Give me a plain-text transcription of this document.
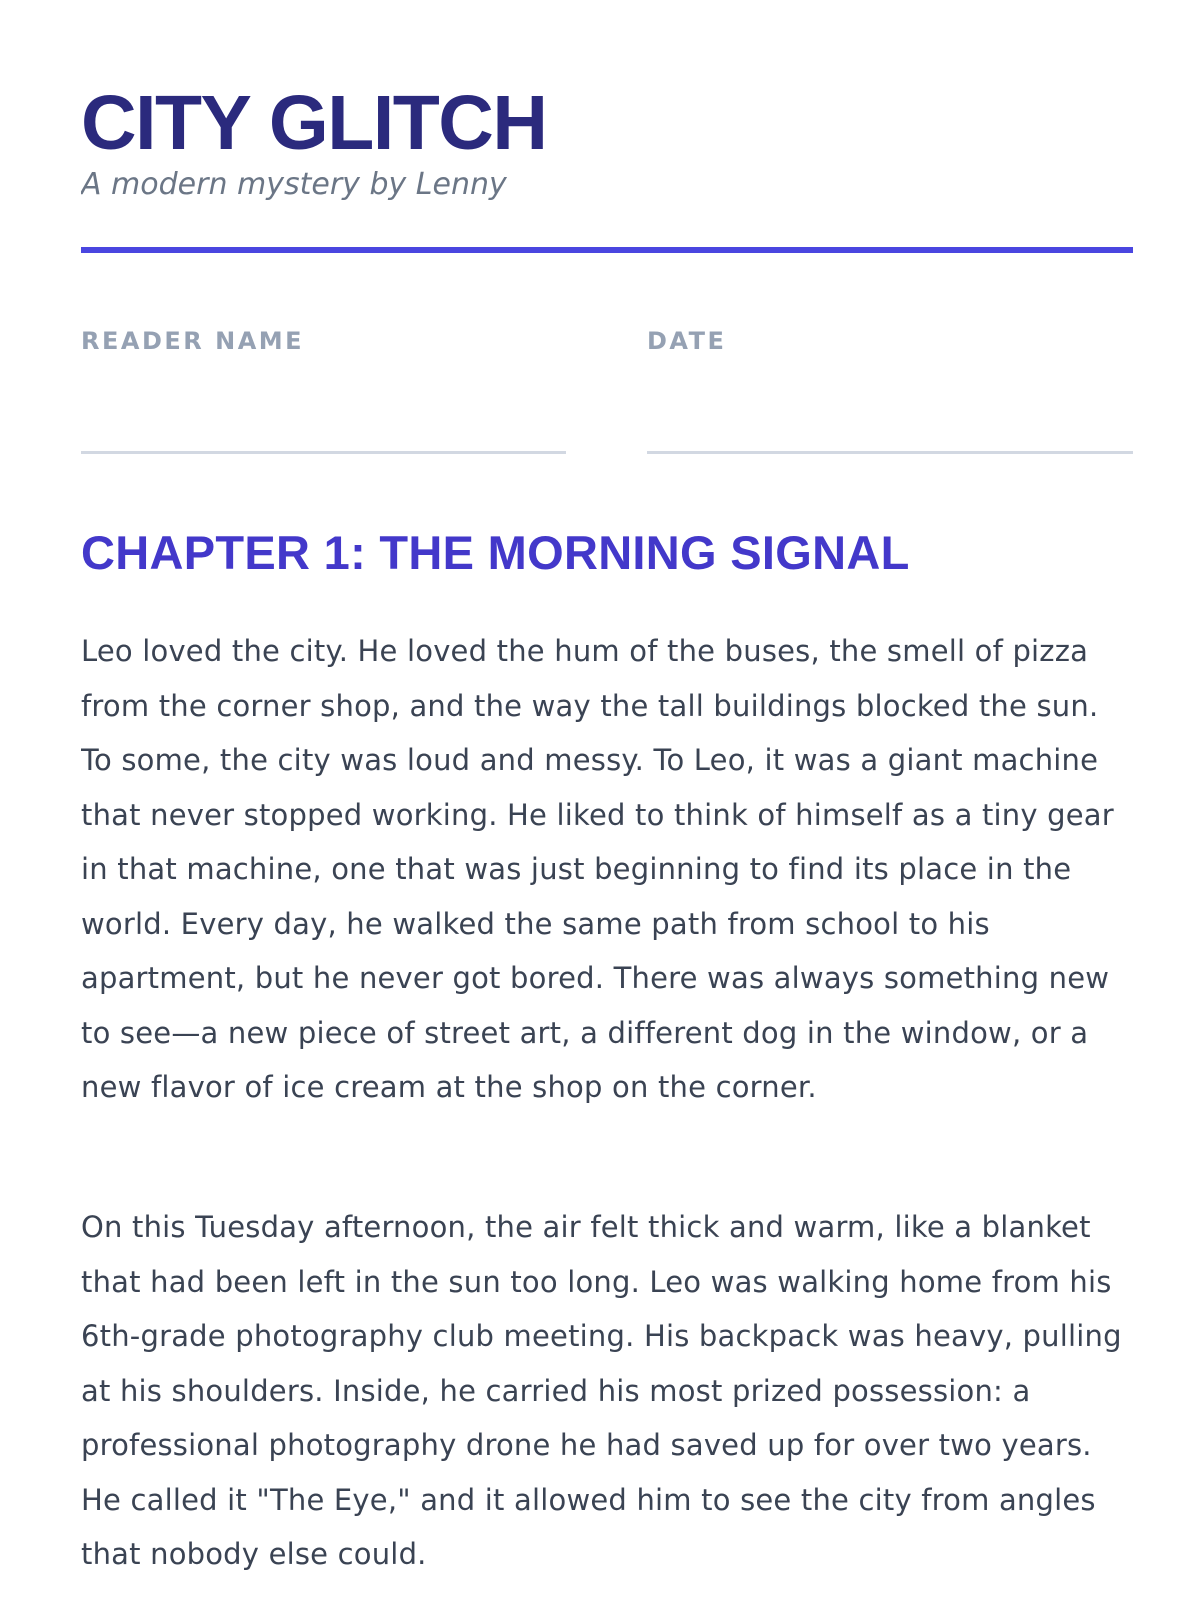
CITY GLITCH

A modern mystery by Lenny

READER NAME	DATE
CHAPTER 1: THE MORNING SIGNAL

Leo loved the city. He loved the hum of the buses, the smell of pizza from the corner shop, and the way the tall buildings blocked the sun. To some, the city was loud and messy. To Leo, it was a giant machine that never stopped working. He liked to think of himself as a tiny gear in that machine, one that was just beginning to find its place in the world. Every day, he walked the same path from school to his apartment, but he never got bored. There was always something new to see—a new piece of street art, a different dog in the window, or a new flavor of ice cream at the shop on the corner.

On this Tuesday afternoon, the air felt thick and warm, like a blanket that had been left in the sun too long. Leo was walking home from his 6th-grade photography club meeting. His backpack was heavy, pulling at his shoulders. Inside, he carried his most prized possession: a professional photography drone he had saved up for over two years. He called it "The Eye," and it allowed him to see the city from angles that nobody else could.
